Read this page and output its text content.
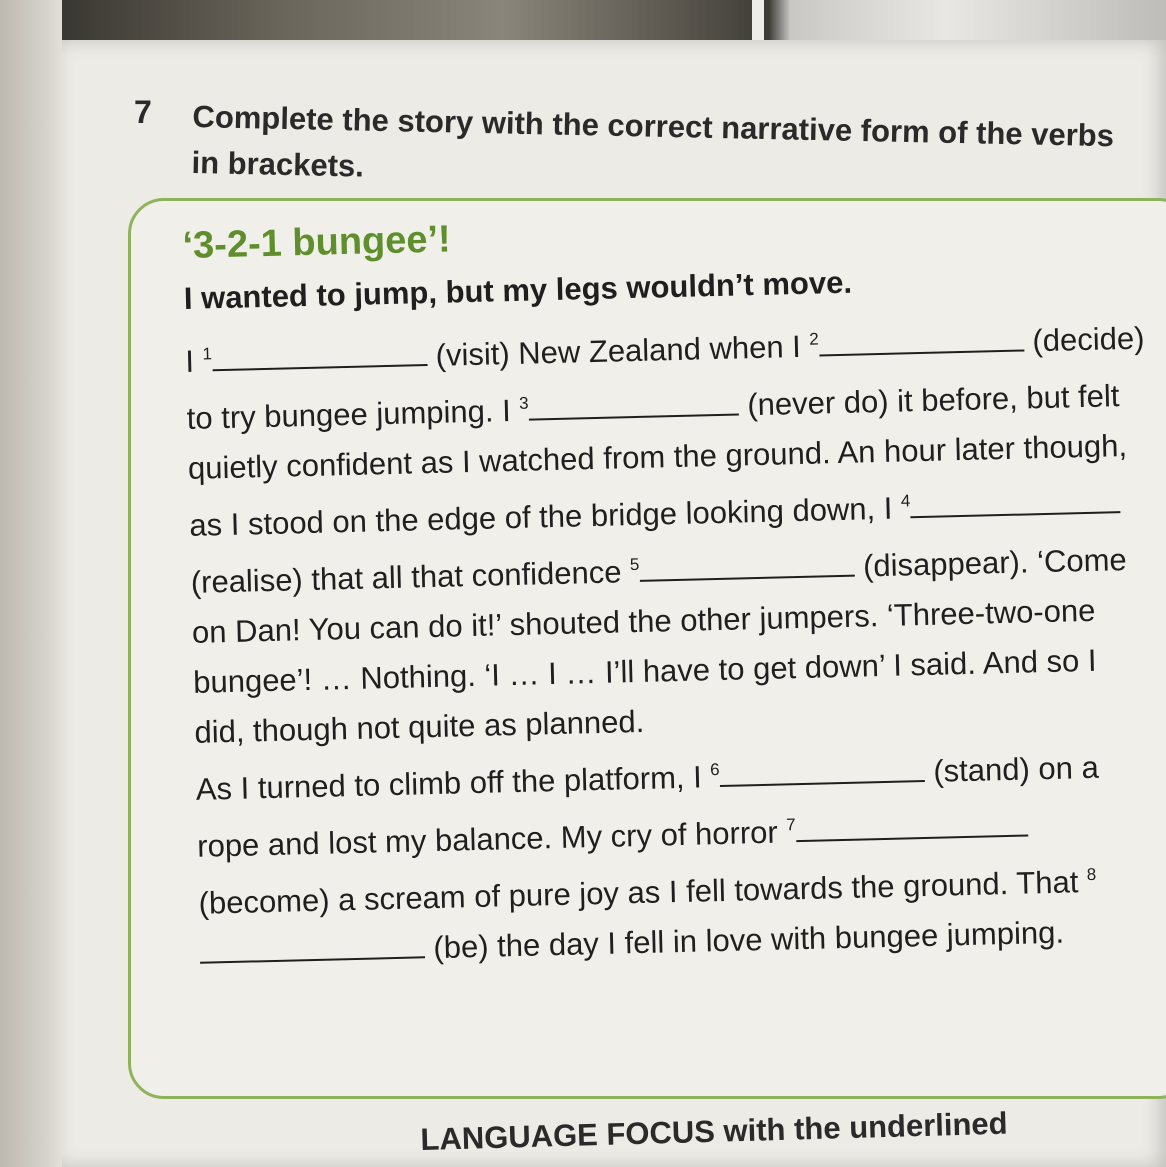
7 Complete the story with the correct narrative form of the verbs in brackets.
‘3-2-1 bungee’!
I wanted to jump, but my legs wouldn’t move.

I $^1$	(visit) New Zealand when I $^2$	(decide) to try bungee jumping. I $^3$	(never do) it before, but felt quietly confident as I watched from the ground. An hour later though, as I stood on the edge of the bridge looking down, I $^4$ (realise) that all that confidence $^5$	(disappear). ‘Come on Dan! You can do it!’ shouted the other jumpers. ‘Three-two-one bungee’! … Nothing. ‘I … I … I’ll have to get down’ I said. And so I did, though not quite as planned.

As I turned to climb off the platform, I $^6$	(stand) on a rope and lost my balance. My cry of horror $^7$ (become) a scream of pure joy as I fell towards the ground. That $^8$ (be) the day I fell in love with bungee jumping.

LANGUAGE FOCUS with the underlined
